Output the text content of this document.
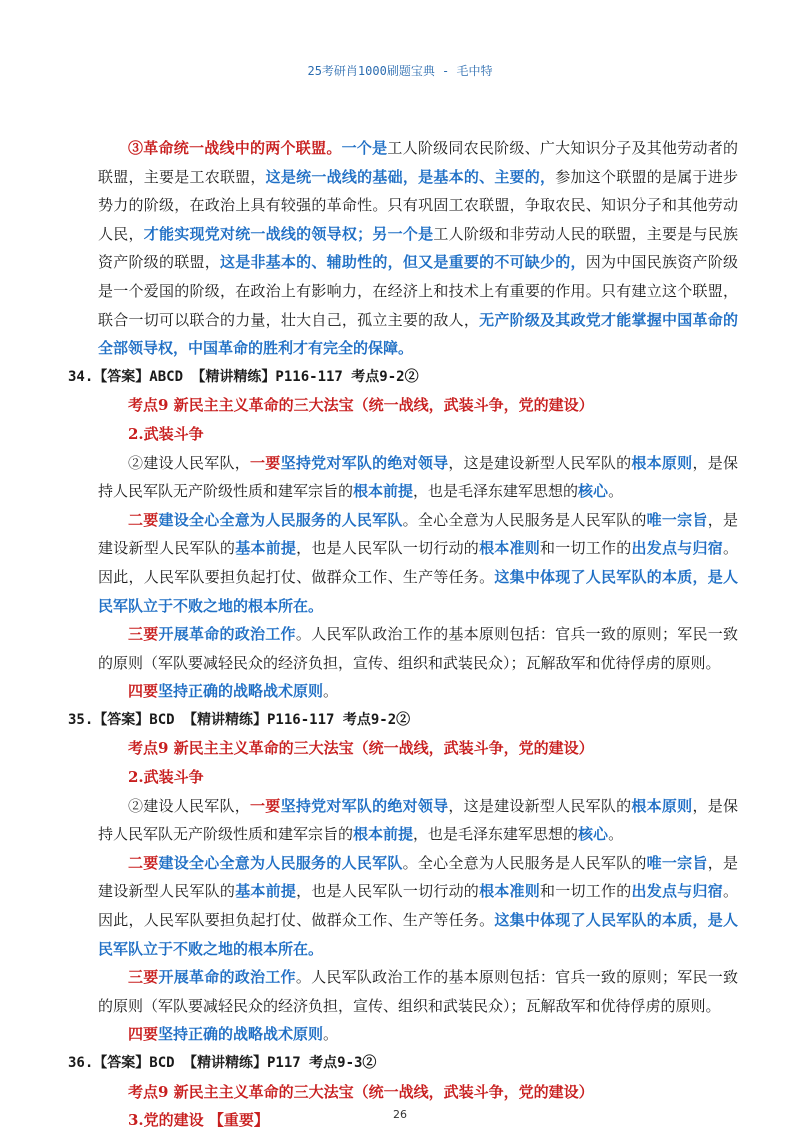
25考研肖1000刷题宝典 - 毛中特

③革命统一战线中的两个联盟。一个是工人阶级同农民阶级、广大知识分子及其他劳动者的联盟，主要是工农联盟，这是统一战线的基础，是基本的、主要的，参加这个联盟的是属于进步势力的阶级，在政治上具有较强的革命性。只有巩固工农联盟，争取农民、知识分子和其他劳动人民，才能实现党对统一战线的领导权；另一个是工人阶级和非劳动人民的联盟，主要是与民族资产阶级的联盟，这是非基本的、辅助性的，但又是重要的不可缺少的，因为中国民族资产阶级是一个爱国的阶级，在政治上有影响力，在经济上和技术上有重要的作用。只有建立这个联盟，联合一切可以联合的力量，壮大自己，孤立主要的敌人，无产阶级及其政党才能掌握中国革命的全部领导权，中国革命的胜利才有完全的保障。

34.【答案】ABCD 【精讲精练】P116-117 考点9-2②

考点9 新民主主义革命的三大法宝（统一战线，武装斗争，党的建设）

2.武装斗争

②建设人民军队，一要坚持党对军队的绝对领导，这是建设新型人民军队的根本原则，是保持人民军队无产阶级性质和建军宗旨的根本前提，也是毛泽东建军思想的核心。

二要建设全心全意为人民服务的人民军队。全心全意为人民服务是人民军队的唯一宗旨，是建设新型人民军队的基本前提，也是人民军队一切行动的根本准则和一切工作的出发点与归宿。因此，人民军队要担负起打仗、做群众工作、生产等任务。这集中体现了人民军队的本质，是人民军队立于不败之地的根本所在。

三要开展革命的政治工作。人民军队政治工作的基本原则包括：官兵一致的原则；军民一致的原则（军队要减轻民众的经济负担，宣传、组织和武装民众）；瓦解敌军和优待俘虏的原则。

四要坚持正确的战略战术原则。

35.【答案】BCD 【精讲精练】P116-117 考点9-2②

考点9 新民主主义革命的三大法宝（统一战线，武装斗争，党的建设）

2.武装斗争

②建设人民军队，一要坚持党对军队的绝对领导，这是建设新型人民军队的根本原则，是保持人民军队无产阶级性质和建军宗旨的根本前提，也是毛泽东建军思想的核心。

二要建设全心全意为人民服务的人民军队。全心全意为人民服务是人民军队的唯一宗旨，是建设新型人民军队的基本前提，也是人民军队一切行动的根本准则和一切工作的出发点与归宿。因此，人民军队要担负起打仗、做群众工作、生产等任务。这集中体现了人民军队的本质，是人民军队立于不败之地的根本所在。

三要开展革命的政治工作。人民军队政治工作的基本原则包括：官兵一致的原则；军民一致的原则（军队要减轻民众的经济负担，宣传、组织和武装民众）；瓦解敌军和优待俘虏的原则。

四要坚持正确的战略战术原则。

36.【答案】BCD 【精讲精练】P117 考点9-3②

考点9 新民主主义革命的三大法宝（统一战线，武装斗争，党的建设）

3.党的建设 【重要】	26
